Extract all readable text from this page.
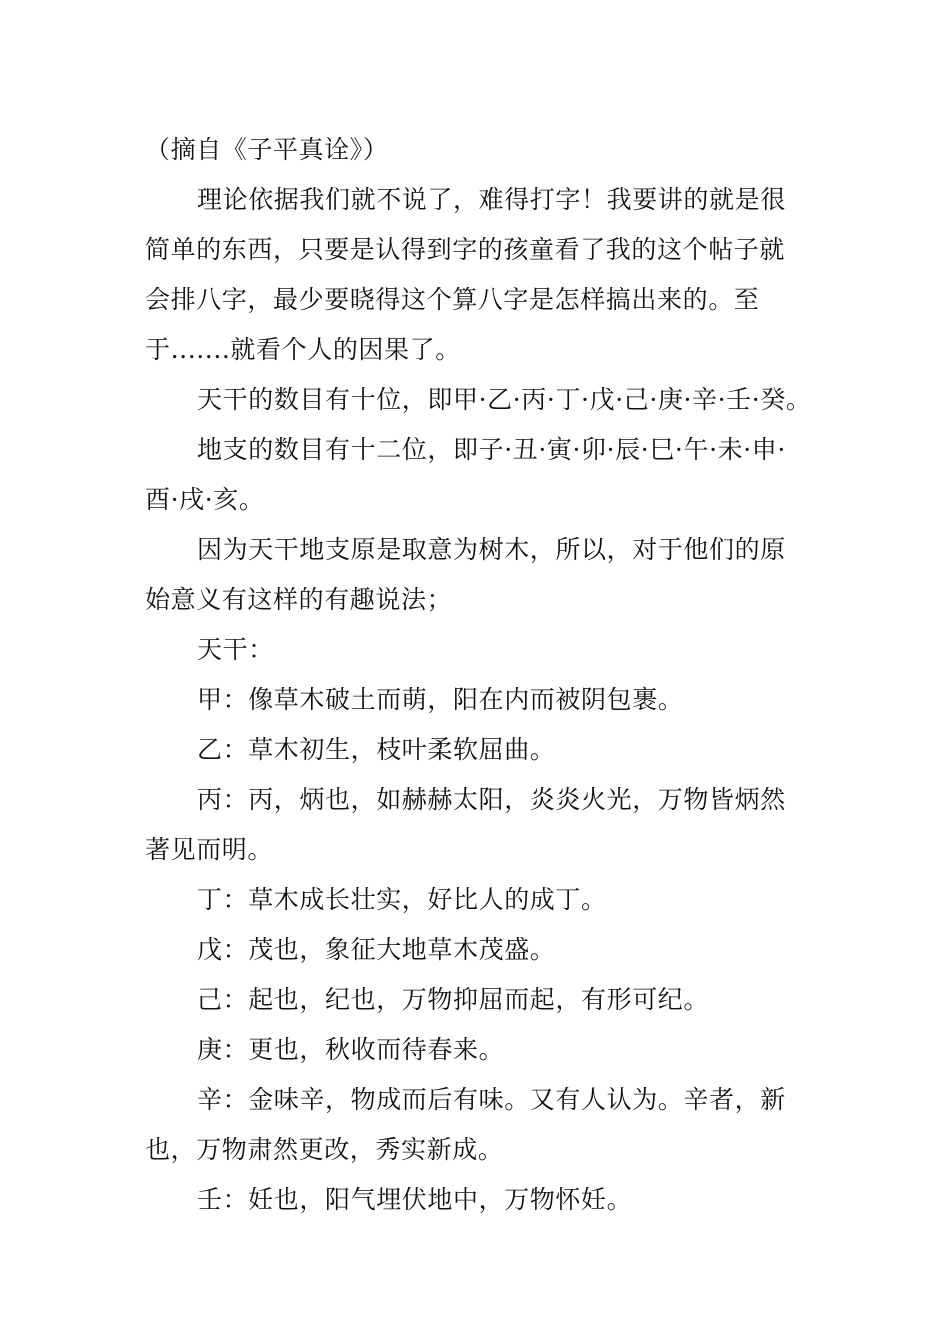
（摘自《子平真诠》）
理论依据我们就不说了，难得打字！我要讲的就是很
简单的东西，只要是认得到字的孩童看了我的这个帖子就
会排八字，最少要晓得这个算八字是怎样搞出来的。至
于.......就看个人的因果了。
天干的数目有十位，即甲·乙·丙·丁·戊·己·庚·辛·壬·癸。
地支的数目有十二位，即子·丑·寅·卯·辰·巳·午·未·申·
酉·戌·亥。
因为天干地支原是取意为树木，所以，对于他们的原
始意义有这样的有趣说法；
天干：
甲：像草木破土而萌，阳在内而被阴包裹。
乙：草木初生，枝叶柔软屈曲。
丙：丙，炳也，如赫赫太阳，炎炎火光，万物皆炳然
著见而明。
丁：草木成长壮实，好比人的成丁。
戊：茂也，象征大地草木茂盛。
己：起也，纪也，万物抑屈而起，有形可纪。
庚：更也，秋收而待春来。
辛：金味辛，物成而后有味。又有人认为。辛者，新
也，万物肃然更改，秀实新成。
壬：妊也，阳气埋伏地中，万物怀妊。
